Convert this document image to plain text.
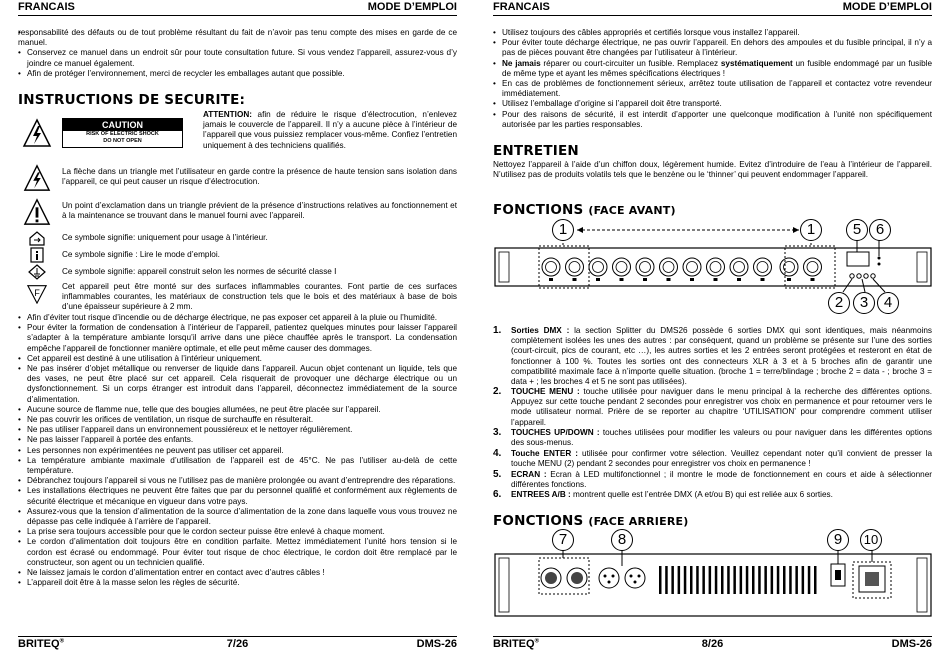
FRANCAIS	MODE D’EMPLOI
• responsabilité des défauts ou de tout problème résultant du fait de n’avoir pas tenu compte des mises en garde de ce manuel.
• Conservez ce manuel dans un endroit sûr pour toute consultation future. Si vous vendez l’appareil, assurez-vous d’y joindre ce manuel également.
• Afin de protéger l’environnement, merci de recycler les emballages autant que possible.
INSTRUCTIONS DE SECURITE:
CAUTION
RISK OF ELECTRIC SHOCK
DO NOT OPEN
ATTENTION: afin de réduire le risque d’électrocution, n’enlevez jamais le couvercle de l’appareil. Il n’y a aucune pièce à l’intérieur de l’appareil que vous puissiez remplacer vous-même. Confiez l’entretien uniquement à des techniciens qualifiés.
La flèche dans un triangle met l’utilisateur en garde contre la présence de haute tension sans isolation dans l’appareil, ce qui peut causer un risque d’électrocution.
Un point d’exclamation dans un triangle prévient de la présence d’instructions relatives au fonctionnement et à la maintenance se trouvant dans le manuel fourni avec l’appareil.
Ce symbole signifie: uniquement pour usage à l’intérieur.
Ce symbole signifie : Lire le mode d’emploi.
Ce symbole signifie: appareil construit selon les normes de sécurité classe I
F
Cet appareil peut être monté sur des surfaces inflammables courantes. Font partie de ces surfaces inflammables courantes, les matériaux de construction tels que le bois et des matériaux à base de bois d’une épaisseur supérieure à 2 mm.
• Afin d’éviter tout risque d’incendie ou de décharge électrique, ne pas exposer cet appareil à la pluie ou l’humidité.
• Pour éviter la formation de condensation à l’intérieur de l’appareil, patientez quelques minutes pour laisser l’appareil s’adapter à la température ambiante lorsqu’il arrive dans une pièce chauffée après le transport. La condensation empêche l’appareil de fonctionner manière optimale, et elle peut même causer des dommages.
• Cet appareil est destiné à une utilisation à l’intérieur uniquement.
• Ne pas insérer d’objet métallique ou renverser de liquide dans l’appareil. Aucun objet contenant un liquide, tels que des vases, ne peut être placé sur cet appareil. Cela risquerait de provoquer une décharge électrique ou un dysfonctionnement. Si un corps étranger est introduit dans l’appareil, déconnectez immédiatement de la source d’alimentation.
• Aucune source de flamme nue, telle que des bougies allumées, ne peut être placée sur l’appareil.
• Ne pas couvrir les orifices de ventilation, un risque de surchauffe en résulterait.
• Ne pas utiliser l’appareil dans un environnement poussiéreux et le nettoyer régulièrement.
• Ne pas laisser l’appareil à portée des enfants.
• Les personnes non expérimentées ne peuvent pas utiliser cet appareil.
• La température ambiante maximale d’utilisation de l’appareil est de 45°C. Ne pas l’utiliser au-delà de cette température.
• Débranchez toujours l’appareil si vous ne l’utilisez pas de manière prolongée ou avant d’entreprendre des réparations.
• Les installations électriques ne peuvent être faites que par du personnel qualifié et conformément aux règlements de sécurité électrique et mécanique en vigueur dans votre pays.
• Assurez-vous que la tension d’alimentation de la source d’alimentation de la zone dans laquelle vous vous trouvez ne dépasse pas celle indiquée à l’arrière de l’appareil.
• La prise sera toujours accessible pour que le cordon secteur puisse être enlevé à chaque moment.
• Le cordon d’alimentation doit toujours être en condition parfaite. Mettez immédiatement l’unité hors tension si le cordon est écrasé ou endommagé. Pour éviter tout risque de choc électrique, le cordon doit être remplacé par le constructeur, son agent ou un technicien qualifié.
• Ne laissez jamais le cordon d’alimentation entrer en contact avec d’autres câbles !
• L’appareil doit être à la masse selon les règles de sécurité.
BRITEQ®	7/26	DMS-26
FRANCAIS	MODE D’EMPLOI
• Utilisez toujours des câbles appropriés et certifiés lorsque vous installez l’appareil.
• Pour éviter toute décharge électrique, ne pas ouvrir l’appareil. En dehors des ampoules et du fusible principal, il n’y a pas de pièces pouvant être changées par l’utilisateur à l’intérieur.
• Ne jamais réparer ou court-circuiter un fusible. Remplacez systématiquement un fusible endommagé par un fusible de même type et ayant les mêmes spécifications électriques !
• En cas de problèmes de fonctionnement sérieux, arrêtez toute utilisation de l’appareil et contactez votre revendeur immédiatement.
• Utilisez l’emballage d’origine si l’appareil doit être transporté.
• Pour des raisons de sécurité, il est interdit d’apporter une quelconque modification à l’unité non spécifiquement autorisée par les parties responsables.
ENTRETIEN
Nettoyez l’appareil à l’aide d’un chiffon doux, légèrement humide. Evitez d’introduire de l’eau à l’intérieur de l’appareil. N’utilisez pas de produits volatils tels que le benzène ou le ‘thinner’ qui peuvent endommager l’appareil.
FONCTIONS (FACE AVANT)
1	1	5 6
2	3	4
1. Sorties DMX : la section Splitter du DMS26 possède 6 sorties DMX qui sont identiques, mais néanmoins complètement isolées les unes des autres : par conséquent, quand un problème se présente sur l’une des sorties (court-circuit, pics de courant, etc …), les autres sorties et les 2 entrées seront protégées et resteront en état de fonctionner à 100 %. Toutes les sorties ont des connecteurs XLR à 3 et à 5 broches afin de garantir une compatibilité maximale face à n’importe quelle situation. (broche 1 = terre/blindage ; broche 2 = data - ; broche 3 = data + ; les broches 4 et 5 ne sont pas utilisées).
2. TOUCHE MENU : touche utilisée pour naviguer dans le menu principal à la recherche des différentes options. Appuyez sur cette touche pendant 2 secondes pour enregistrer vos choix en permanence et pour retourner vers le mode utilisateur normal. Prière de se reporter au chapitre ‘UTILISATION’ pour comprendre comment utiliser l’appareil.
3. TOUCHES UP/DOWN : touches utilisées pour modifier les valeurs ou pour naviguer dans les différentes options des sous-menus.
4. Touche ENTER : utilisée pour confirmer votre sélection. Veuillez cependant noter qu’il convient de presser la touche MENU (2) pendant 2 secondes pour enregistrer vos choix en permanence !
5. ECRAN : Ecran à LED multifonctionnel ; il montre le mode de fonctionnement en cours et aide à sélectionner différentes fonctions.
6. ENTREES A/B : montrent quelle est l’entrée DMX (A et/ou B) qui est reliée aux 6 sorties.
FONCTIONS (FACE ARRIERE)
7	8	9	10
BRITEQ®	8/26	DMS-26
